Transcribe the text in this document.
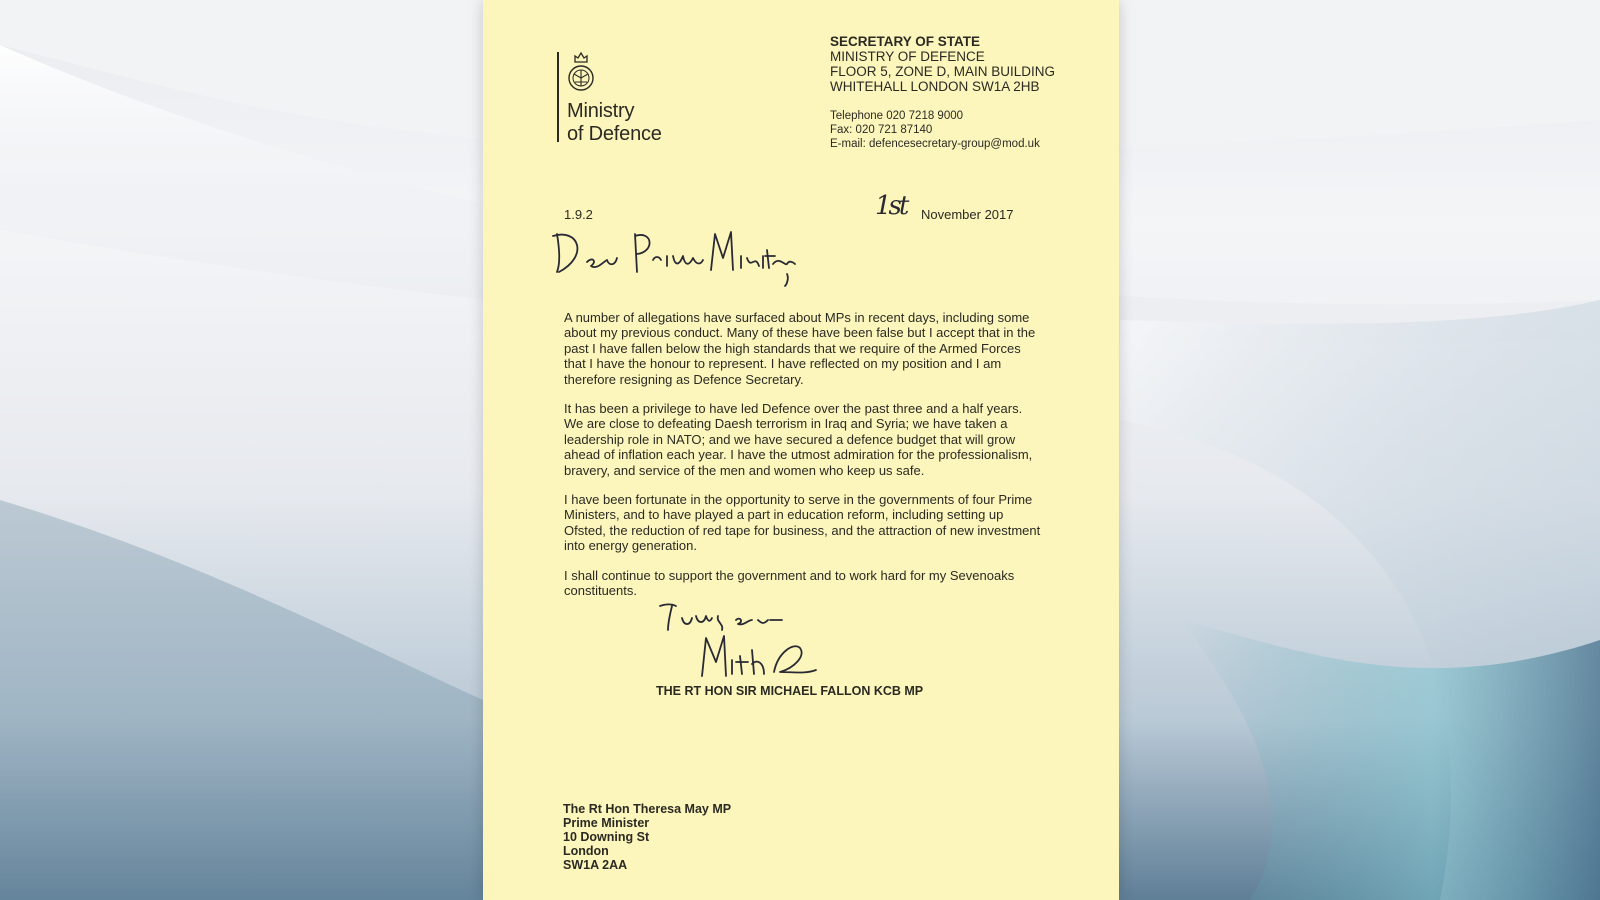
Ministry
of Defence
SECRETARY OF STATE
MINISTRY OF DEFENCE
FLOOR 5, ZONE D, MAIN BUILDING
WHITEHALL LONDON SW1A 2HB
Telephone 020 7218 9000
Fax: 020 721 87140
E-mail: defencesecretary-group@mod.uk
1.9.2	1st November 2017

A number of allegations have surfaced about MPs in recent days, including some about my previous conduct. Many of these have been false but I accept that in the past I have fallen below the high standards that we require of the Armed Forces that I have the honour to represent. I have reflected on my position and I am therefore resigning as Defence Secretary.

It has been a privilege to have led Defence over the past three and a half years. We are close to defeating Daesh terrorism in Iraq and Syria; we have taken a leadership role in NATO; and we have secured a defence budget that will grow ahead of inflation each year. I have the utmost admiration for the professionalism, bravery, and service of the men and women who keep us safe.

I have been fortunate in the opportunity to serve in the governments of four Prime Ministers, and to have played a part in education reform, including setting up Ofsted, the reduction of red tape for business, and the attraction of new investment into energy generation.

I shall continue to support the government and to work hard for my Sevenoaks constituents.

THE RT HON SIR MICHAEL FALLON KCB MP
The Rt Hon Theresa May MP
Prime Minister
10 Downing St
London
SW1A 2AA
